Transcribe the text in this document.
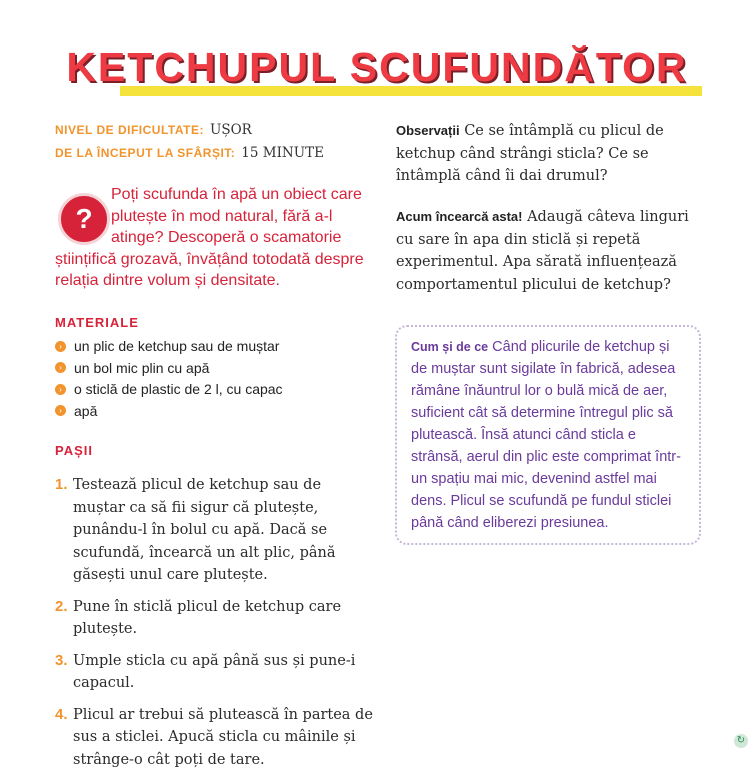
KETCHUPUL SCUFUNDĂTOR
NIVEL DE DIFICULTATE: UȘOR
DE LA ÎNCEPUT LA SFÂRȘIT: 15 MINUTE
?
Poți scufunda în apă un obiect care plutește în mod natural, fără a-l atinge? Descoperă o scamatorie științifică grozavă, învățând totodată despre relația dintre volum și densitate.
MATERIALE
› un plic de ketchup sau de muștar
› un bol mic plin cu apă
› o sticlă de plastic de 2 l, cu capac
› apă
PAȘII
1. Testează plicul de ketchup sau de muștar ca să fii sigur că plutește, punându-l în bolul cu apă. Dacă se scufundă, încearcă un alt plic, până găsești unul care plutește.
2. Pune în sticlă plicul de ketchup care plutește.
3. Umple sticla cu apă până sus și pune-i capacul.
4. Plicul ar trebui să plutească în partea de sus a sticlei. Apucă sticla cu mâinile și strânge-o cât poți de tare.
Observații Ce se întâmplă cu plicul de ketchup când strângi sticla? Ce se întâmplă când îi dai drumul?
Acum încearcă asta! Adaugă câteva linguri cu sare în apa din sticlă și repetă experimentul. Apa sărată influențează comportamentul plicului de ketchup?
Cum și de ce Când plicurile de ketchup și de muștar sunt sigilate în fabrică, adesea rămâne înăuntrul lor o bulă mică de aer, suficient cât să determine întregul plic să plutească. Însă atunci când sticla e strânsă, aerul din plic este comprimat într-un spațiu mai mic, devenind astfel mai dens. Plicul se scufundă pe fundul sticlei până când eliberezi presiunea.
↻
